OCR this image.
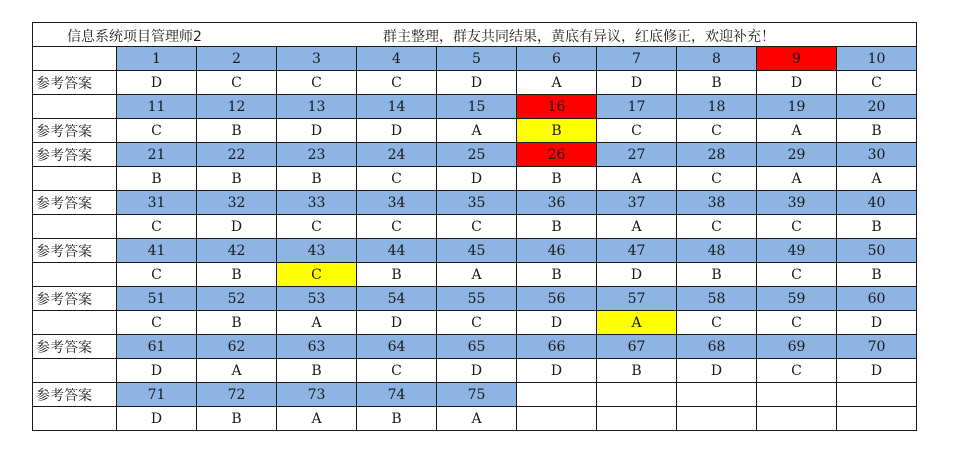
信息系统项目管理师2 群主整理，群友共同结果，黄底有异议，红底修正，欢迎补充！										

	1	2	3	4	5	6	7	8	9	10
参考答案	D	C	C	C	D	A	D	B	D	C
	11	12	13	14	15	16	17	18	19	20
参考答案	C	B	D	D	A	B	C	C	A	B
参考答案	21	22	23	24	25	26	27	28	29	30
	B	B	B	C	D	B	A	C	A	A
参考答案	31	32	33	34	35	36	37	38	39	40
	C	D	C	C	C	B	A	C	C	B
参考答案	41	42	43	44	45	46	47	48	49	50
	C	B	C	B	A	B	D	B	C	B
参考答案	51	52	53	54	55	56	57	58	59	60
	C	B	A	D	C	D	A	C	C	D
参考答案	61	62	63	64	65	66	67	68	69	70
	D	A	B	C	D	D	B	D	C	D
参考答案	71	72	73	74	75					
	D	B	A	B	A					
